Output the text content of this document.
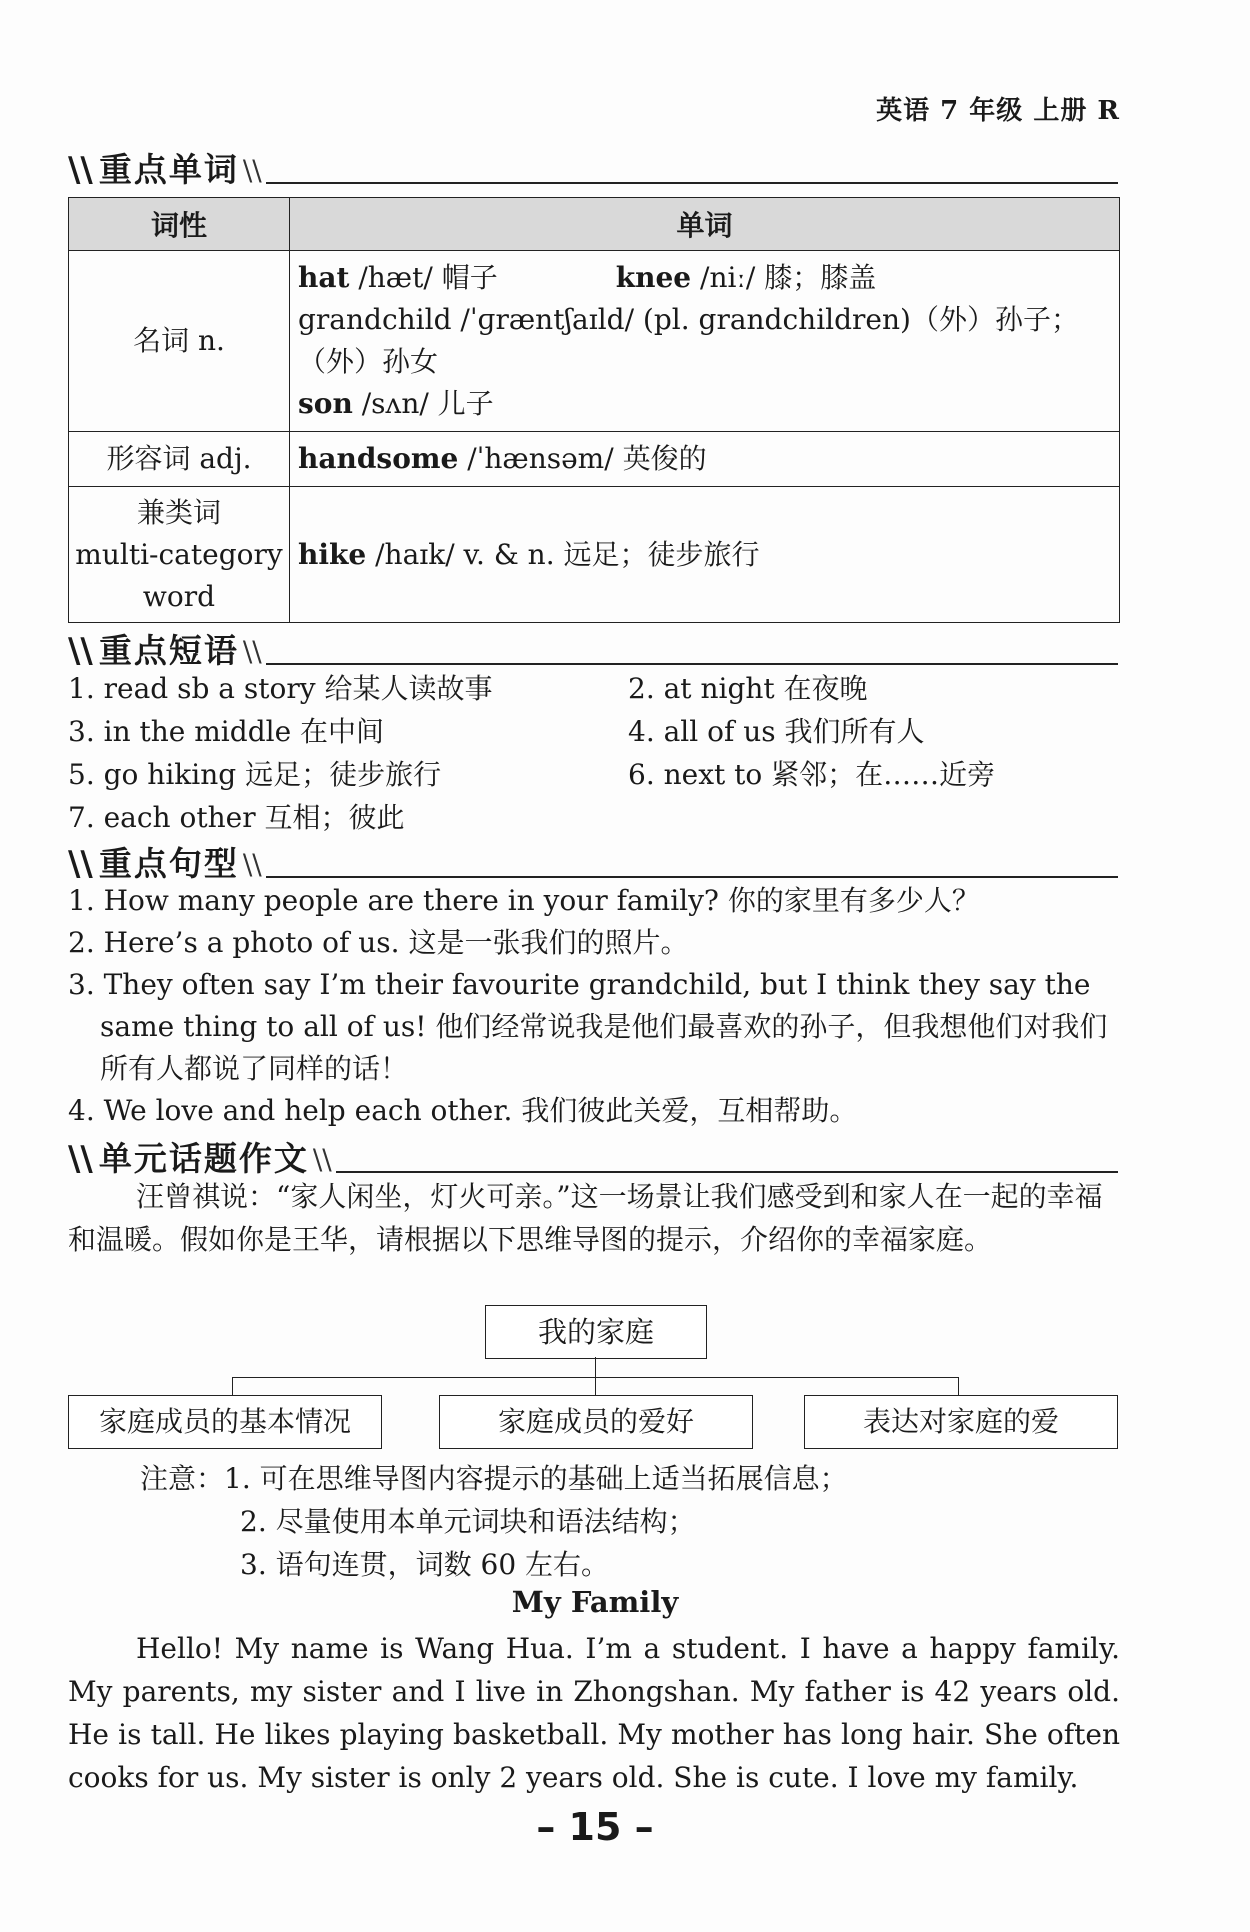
英语 7 年级 上册 R
\\ 重点单词 \\
词性	单词
名词 n.	hat /hæt/ 帽子 knee /niː/ 膝；膝盖
grandchild /ˈɡræntʃaɪld/ (pl. grandchildren)（外）孙子；（外）孙女
son /sʌn/ 儿子

形容词 adj.	handsome /ˈhænsəm/ 英俊的

兼类词
multi-category
word	hike /haɪk/ v. & n. 远足；徒步旅行
\\ 重点短语 \\
1. read sb a story 给某人读故事	2. at night 在夜晚
3. in the middle 在中间	4. all of us 我们所有人
5. go hiking 远足；徒步旅行	6. next to 紧邻；在……近旁
7. each other 互相；彼此
\\ 重点句型 \\

1. How many people are there in your family? 你的家里有多少人？

2. Here’s a photo of us. 这是一张我们的照片。

3. They often say I’m their favourite grandchild, but I think they say the same thing to all of us! 他们经常说我是他们最喜欢的孙子，但我想他们对我们所有人都说了同样的话！

4. We love and help each other. 我们彼此关爱，互相帮助。

\\ 单元话题作文 \\

汪曾祺说：“家人闲坐，灯火可亲。”这一场景让我们感受到和家人在一起的幸福和温暖。假如你是王华，请根据以下思维导图的提示，介绍你的幸福家庭。

我的家庭
家庭成员的基本情况	家庭成员的爱好	表达对家庭的爱
注意：1. 可在思维导图内容提示的基础上适当拓展信息；
2. 尽量使用本单元词块和语法结构；
3. 语句连贯，词数 60 左右。
My Family

Hello! My name is Wang Hua. I’m a student. I have a happy family. My parents, my sister and I live in Zhongshan. My father is 42 years old. He is tall. He likes playing basketball. My mother has long hair. She often cooks for us. My sister is only 2 years old. She is cute. I love my family.

– 15 –
